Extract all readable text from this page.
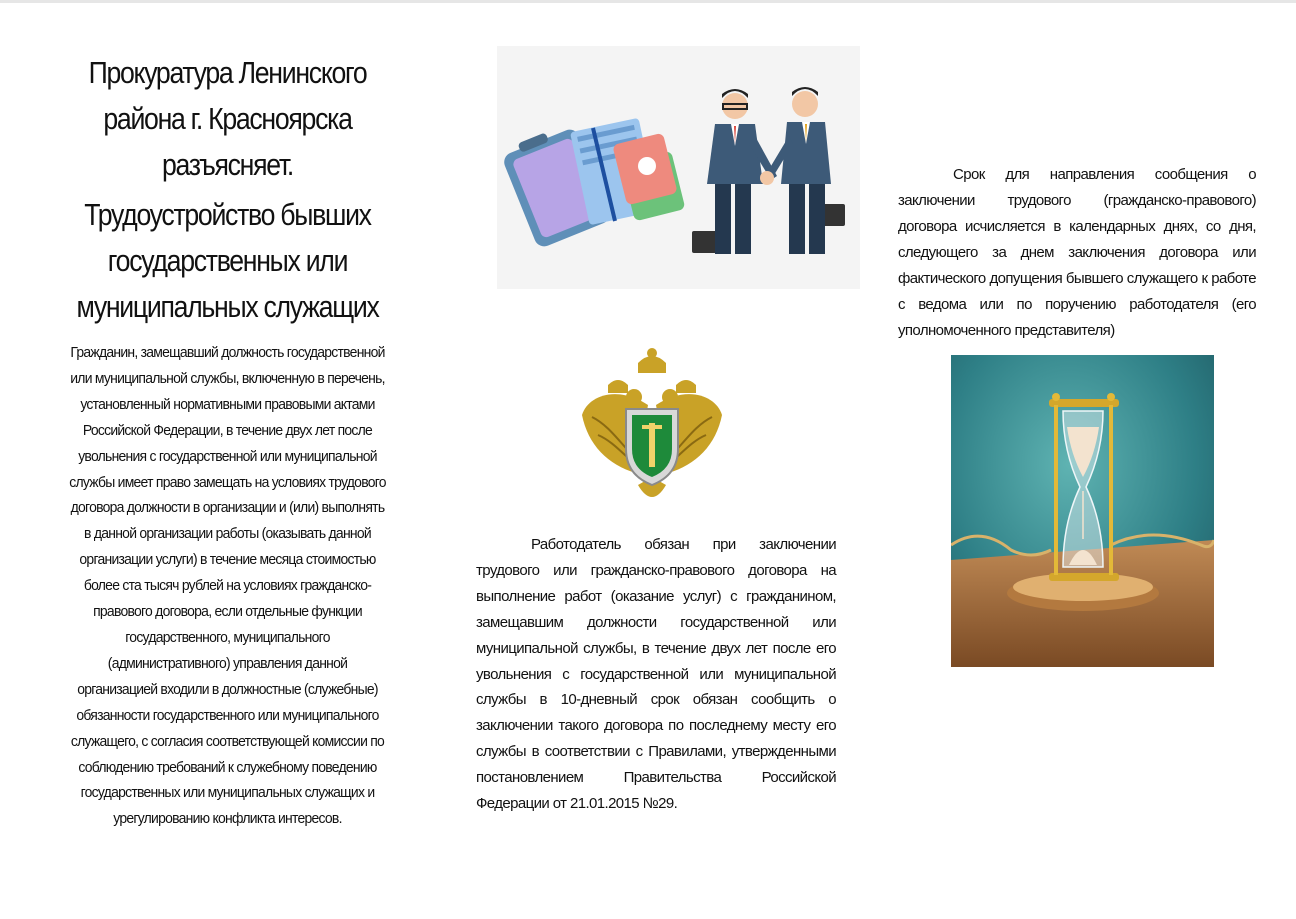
Прокуратура Ленинского
района г. Красноярска
разъясняет.
Трудоустройство бывших
государственных или
муниципальных служащих
Гражданин, замещавший должность государственной
или муниципальной службы, включенную в перечень,
установленный нормативными правовыми актами
Российской Федерации, в течение двух лет после
увольнения с государственной или муниципальной
службы имеет право замещать на условиях трудового
договора должности в организации и (или) выполнять
в данной организации работы (оказывать данной
организации услуги) в течение месяца стоимостью
более ста тысяч рублей на условиях гражданско-
правового договора, если отдельные функции
государственного, муниципального
(административного) управления данной
организацией входили в должностные (служебные)
обязанности государственного или муниципального
служащего, с согласия соответствующей комиссии по
соблюдению требований к служебному поведению
государственных или муниципальных служащих и
урегулированию конфликта интересов.

Работодатель обязан при заключении трудового или гражданско-правового договора на выполнение работ (оказание услуг) с гражданином, замещавшим должности государственной или муниципальной службы, в течение двух лет после его увольнения с государственной или муниципальной службы в 10-дневный срок обязан сообщить о заключении такого договора по последнему месту его службы в соответствии с Правилами, утвержденными постановлением Правительства Российской Федерации от 21.01.2015 №29.

Срок для направления сообщения о заключении трудового (гражданско-правового) договора исчисляется в календарных днях, со дня, следующего за днем заключения договора или фактического допущения бывшего служащего к работе с ведома или по поручению работодателя (его уполномоченного представителя)
